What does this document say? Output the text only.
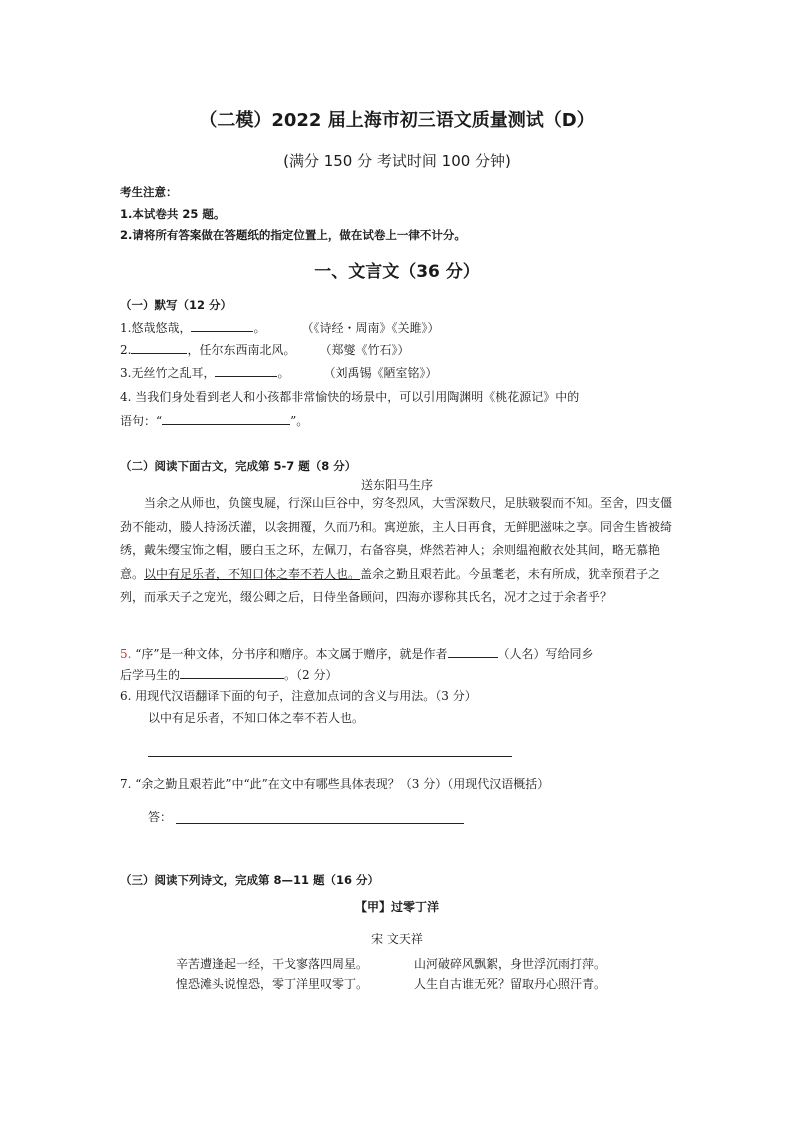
（二模）2022 届上海市初三语文质量测试（D）
(满分 150 分 考试时间 100 分钟)
考生注意：
1.本试卷共 25 题。
2.请将所有答案做在答题纸的指定位置上，做在试卷上一律不计分。
一、文言文（36 分）
（一）默写（12 分）
1.悠哉悠哉，	。	（《诗经・周南》《关雎》）
2.	，任尔东西南北风。 （郑燮《竹石》）
3.无丝竹之乱耳，	。	（刘禹锡《陋室铭》）
4. 当我们身处看到老人和小孩都非常愉快的场景中，可以引用陶渊明《桃花源记》中的
语句：“	”。
（二）阅读下面古文，完成第 5-7 题（8 分）
送东阳马生序
当余之从师也，负箧曳屣，行深山巨谷中，穷冬烈风，大雪深数尺，足肤皲裂而不知。至舍，四支僵劲不能动，媵人持汤沃灌，以衾拥覆，久而乃和。寓逆旅，主人日再食，无鲜肥滋味之享。同舍生皆被绮绣，戴朱缨宝饰之帽，腰白玉之环，左佩刀，右备容臭，烨然若神人；余则缊袍敝衣处其间，略无慕艳意。以中有足乐者，不知口体之奉不若人也。盖余之勤且艰若此。今虽耄老，未有所成，犹幸预君子之列，而承天子之宠光，缀公卿之后，日侍坐备顾问，四海亦谬称其氏名，况才之过于余者乎？
5. “序”是一种文体，分书序和赠序。本文属于赠序，就是作者	（人名）写给同乡
后学马生的	。（2 分）
6. 用现代汉语翻译下面的句子，注意加点词的含义与用法。（3 分）
以中有足乐者，不知口体之奉不若人也。
7. “余之勤且艰若此”中“此”在文中有哪些具体表现？（3 分）（用现代汉语概括）
答：
（三）阅读下列诗文，完成第 8—11 题（16 分）
【甲】过零丁洋
宋 文天祥
辛苦遭逢起一经，干戈寥落四周星。	山河破碎风飘絮，身世浮沉雨打萍。
惶恐滩头说惶恐，零丁洋里叹零丁。	人生自古谁无死？留取丹心照汗青。
